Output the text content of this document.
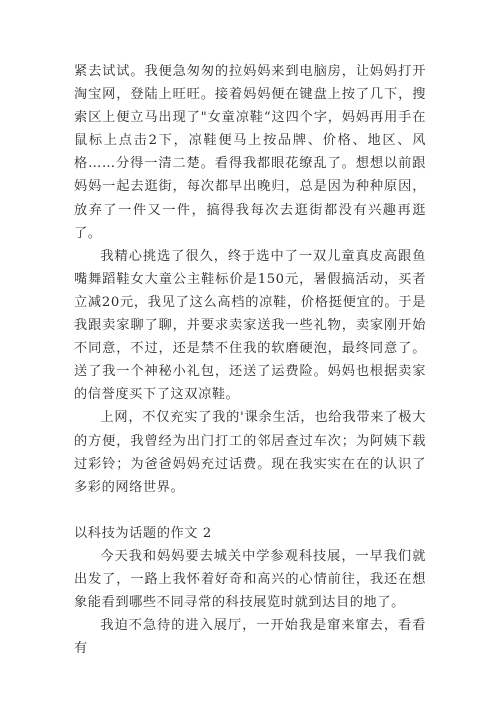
紧去试试。我便急匆匆的拉妈妈来到电脑房，让妈妈打开淘宝网，登陆上旺旺。接着妈妈便在键盘上按了几下，搜索区上便立马出现了"女童凉鞋“这四个字，妈妈再用手在鼠标上点击2下，凉鞋便马上按品牌、价格、地区、风格……分得一清二楚。看得我都眼花缭乱了。想想以前跟妈妈一起去逛街，每次都早出晚归，总是因为种种原因，放弃了一件又一件，搞得我每次去逛街都没有兴趣再逛了。

我精心挑选了很久，终于选中了一双儿童真皮高跟鱼嘴舞蹈鞋女大童公主鞋标价是150元，暑假搞活动，买者立减20元，我见了这么高档的凉鞋，价格挺便宜的。于是我跟卖家聊了聊，并要求卖家送我一些礼物，卖家刚开始不同意，不过，还是禁不住我的软磨硬泡，最终同意了。送了我一个神秘小礼包，还送了运费险。妈妈也根据卖家的信誉度买下了这双凉鞋。

上网，不仅充实了我的'课余生活，也给我带来了极大的方便，我曾经为出门打工的邻居查过车次；为阿姨下载过彩铃；为爸爸妈妈充过话费。现在我实实在在的认识了多彩的网络世界。

以科技为话题的作文 2

今天我和妈妈要去城关中学参观科技展，一早我们就出发了，一路上我怀着好奇和高兴的心情前往，我还在想象能看到哪些不同寻常的科技展览时就到达目的地了。

我迫不急待的进入展厅，一开始我是窜来窜去，看看有
